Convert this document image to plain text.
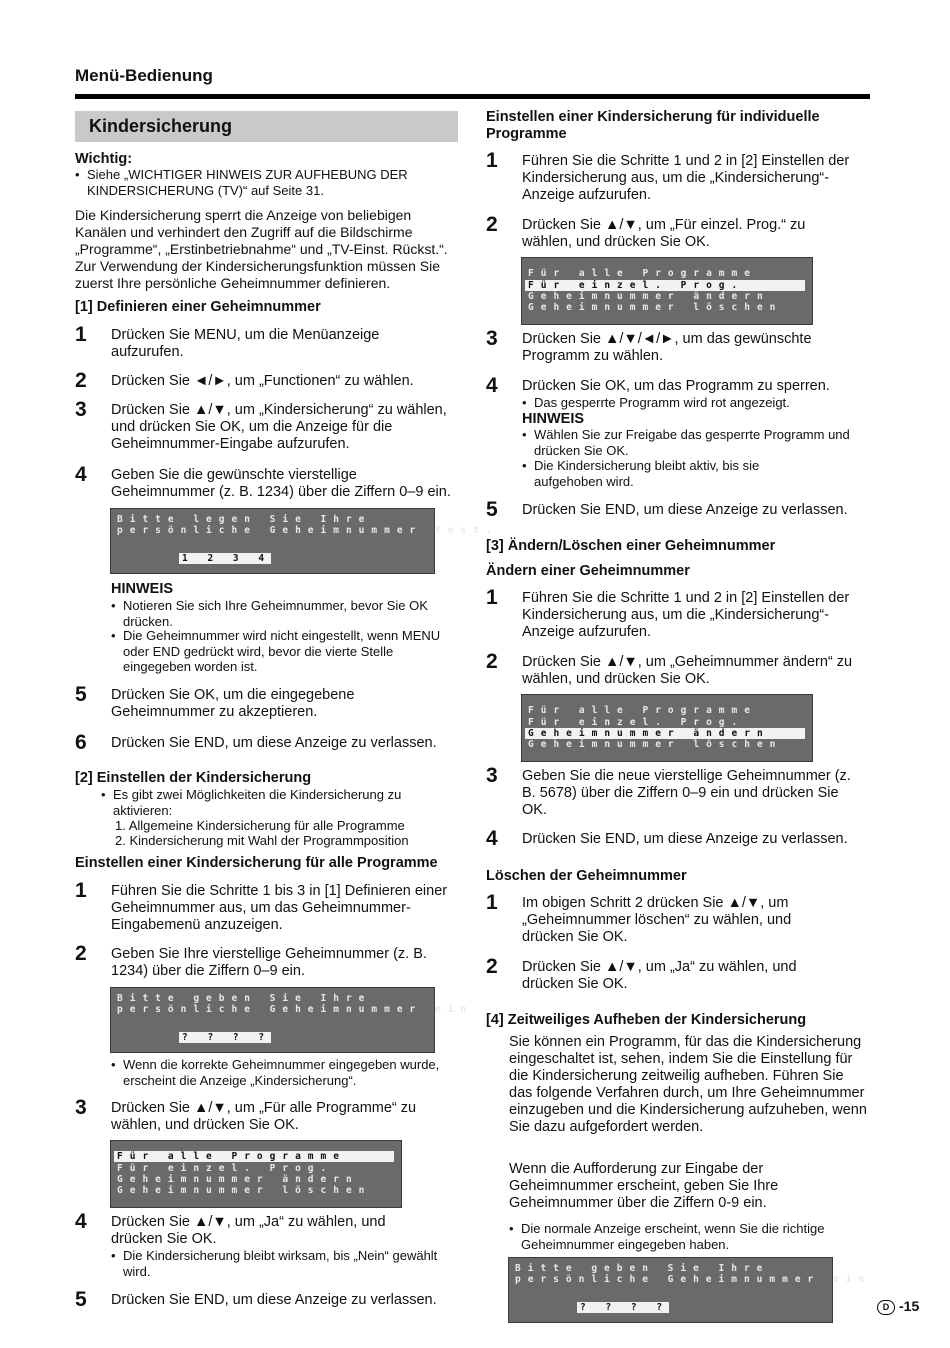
Menü-Bedienung
Kindersicherung
Wichtig:
• Siehe „WICHTIGER HINWEIS ZUR AUFHEBUNG DER KINDERSICHERUNG (TV)“ auf Seite 31.
Die Kindersicherung sperrt die Anzeige von beliebigen Kanälen und verhindert den Zugriff auf die Bildschirme „Programme“, „Erstinbetriebnahme“ und „TV-Einst. Rückst.“. Zur Verwendung der Kindersicherungsfunktion müssen Sie zuerst Ihre persönliche Geheimnummer definieren.
[1] Definieren einer Geheimnummer
1 Drücken Sie MENU, um die Menüanzeige aufzurufen.
2 Drücken Sie ◄/►, um „Functionen“ zu wählen.
3 Drücken Sie ▲/▼, um „Kindersicherung“ zu wählen, und drücken Sie OK, um die Anzeige für die Geheimnummer-Eingabe aufzurufen.
4 Geben Sie die gewünschte vierstellige Geheimnummer (z. B. 1234) über die Ziffern 0–9 ein.
Bitte legen Sie Ihre
persönliche Geheimnummer fest.
1 2 3 4
HINWEIS
• Notieren Sie sich Ihre Geheimnummer, bevor Sie OK drücken.
• Die Geheimnummer wird nicht eingestellt, wenn MENU oder END gedrückt wird, bevor die vierte Stelle eingegeben worden ist.
5 Drücken Sie OK, um die eingegebene Geheimnummer zu akzeptieren.
6 Drücken Sie END, um diese Anzeige zu verlassen.
[2] Einstellen der Kindersicherung
• Es gibt zwei Möglichkeiten die Kindersicherung zu aktivieren:
1. Allgemeine Kindersicherung für alle Programme
2. Kindersicherung mit Wahl der Programmposition
Einstellen einer Kindersicherung für alle Programme
1 Führen Sie die Schritte 1 bis 3 in [1] Definieren einer Geheimnummer aus, um das Geheimnummer-Eingabemenü anzuzeigen.
2 Geben Sie Ihre vierstellige Geheimnummer (z. B. 1234) über die Ziffern 0–9 ein.
Bitte geben Sie Ihre
persönliche Geheimnummer ein
? ? ? ?
• Wenn die korrekte Geheimnummer eingegeben wurde, erscheint die Anzeige „Kindersicherung“.
3 Drücken Sie ▲/▼, um „Für alle Programme“ zu wählen, und drücken Sie OK.
Für alle Programme
Für einzel. Prog.
Geheimnummer ändern
Geheimnummer löschen
4 Drücken Sie ▲/▼, um „Ja“ zu wählen, und drücken Sie OK.
• Die Kindersicherung bleibt wirksam, bis „Nein“ gewählt wird.
5 Drücken Sie END, um diese Anzeige zu verlassen.
Einstellen einer Kindersicherung für individuelle Programme
1 Führen Sie die Schritte 1 und 2 in [2] Einstellen der Kindersicherung aus, um die „Kindersicherung“-Anzeige aufzurufen.
2 Drücken Sie ▲/▼, um „Für einzel. Prog.“ zu wählen, und drücken Sie OK.
Für alle Programme
Für einzel. Prog.
Geheimnummer ändern
Geheimnummer löschen
3 Drücken Sie ▲/▼/◄/►, um das gewünschte Programm zu wählen.
4 Drücken Sie OK, um das Programm zu sperren.
• Das gesperrte Programm wird rot angezeigt.
HINWEIS
• Wählen Sie zur Freigabe das gesperrte Programm und drücken Sie OK.
• Die Kindersicherung bleibt aktiv, bis sie aufgehoben wird.
5 Drücken Sie END, um diese Anzeige zu verlassen.
[3] Ändern/Löschen einer Geheimnummer
Ändern einer Geheimnummer
1 Führen Sie die Schritte 1 und 2 in [2] Einstellen der Kindersicherung aus, um die „Kindersicherung“-Anzeige aufzurufen.
2 Drücken Sie ▲/▼, um „Geheimnummer ändern“ zu wählen, und drücken Sie OK.
Für alle Programme
Für einzel. Prog.
Geheimnummer ändern
Geheimnummer löschen
3 Geben Sie die neue vierstellige Geheimnummer (z. B. 5678) über die Ziffern 0–9 ein und drücken Sie OK.
4 Drücken Sie END, um diese Anzeige zu verlassen.
Löschen der Geheimnummer
1 Im obigen Schritt 2 drücken Sie ▲/▼, um „Geheimnummer löschen“ zu wählen, und drücken Sie OK.
2 Drücken Sie ▲/▼, um „Ja“ zu wählen, und drücken Sie OK.
[4] Zeitweiliges Aufheben der Kindersicherung
Sie können ein Programm, für das die Kindersicherung eingeschaltet ist, sehen, indem Sie die Einstellung für die Kindersicherung zeitweilig aufheben. Führen Sie das folgende Verfahren durch, um Ihre Geheimnummer einzugeben und die Kindersicherung aufzuheben, wenn Sie dazu aufgefordert werden.
Wenn die Aufforderung zur Eingabe der Geheimnummer erscheint, geben Sie Ihre Geheimnummer über die Ziffern 0-9 ein.
• Die normale Anzeige erscheint, wenn Sie die richtige Geheimnummer eingegeben haben.
Bitte geben Sie Ihre
persönliche Geheimnummer ein
? ? ? ?	D -15
